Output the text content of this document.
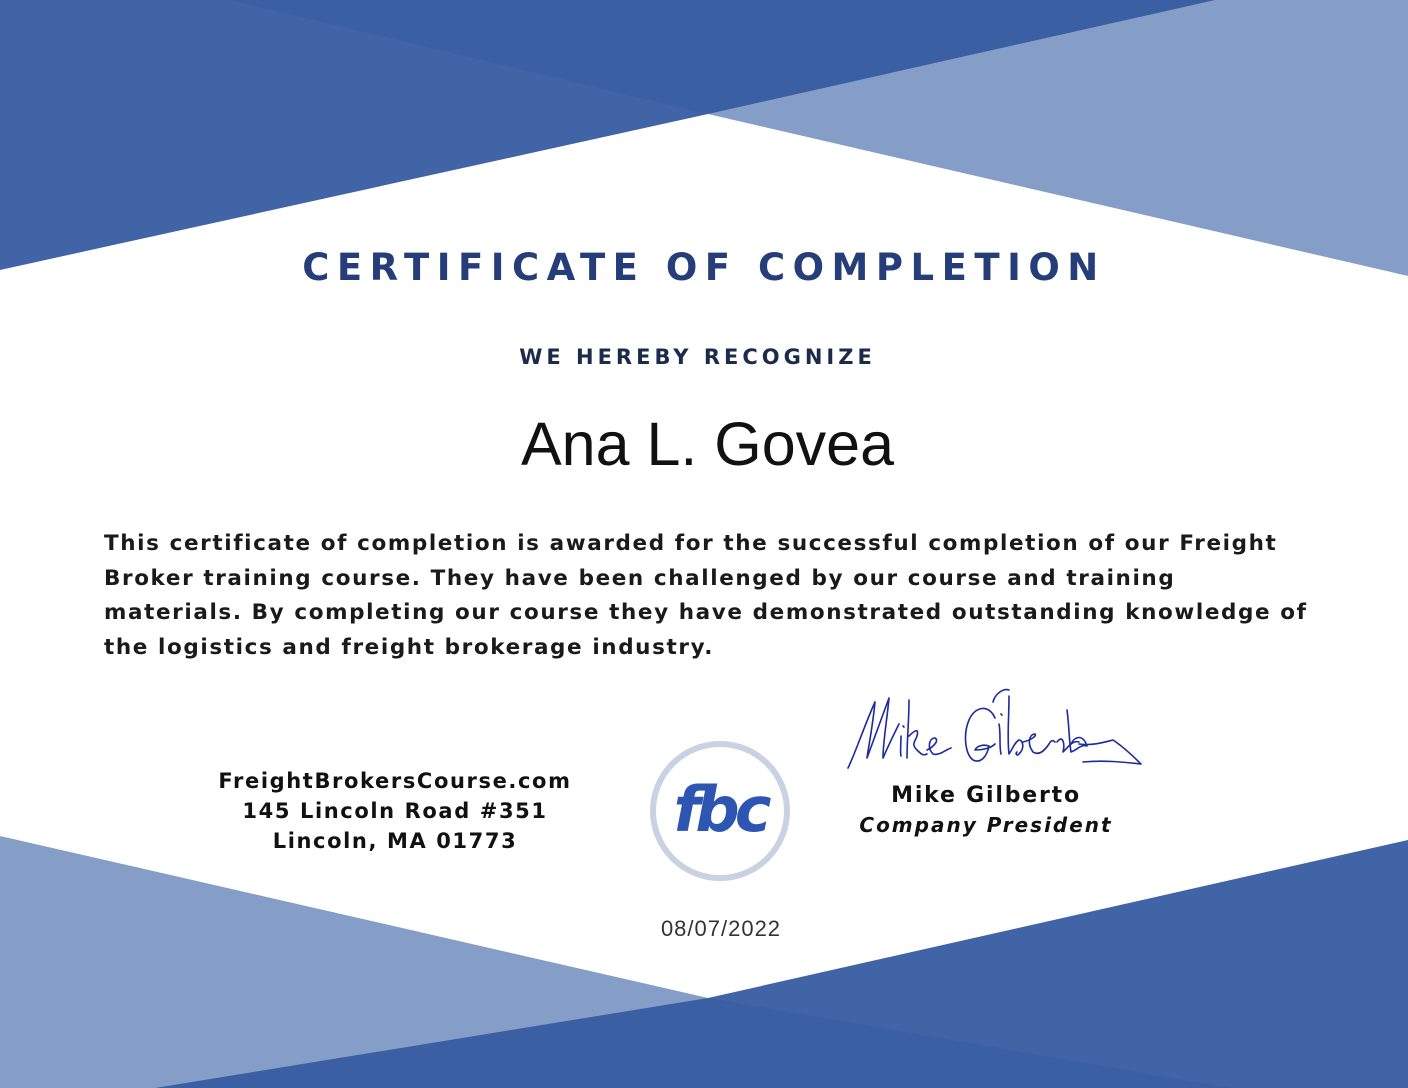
CERTIFICATE OF COMPLETION
WE HEREBY RECOGNIZE
Ana L. Govea
This certificate of completion is awarded for the successful completion of our Freight Broker training course. They have been challenged by our course and training materials. By completing our course they have demonstrated outstanding knowledge of the logistics and freight brokerage industry.
FreightBrokersCourse.com
145 Lincoln Road #351
Lincoln, MA 01773	fbc	Mike Gilberto
Company President
08/07/2022
